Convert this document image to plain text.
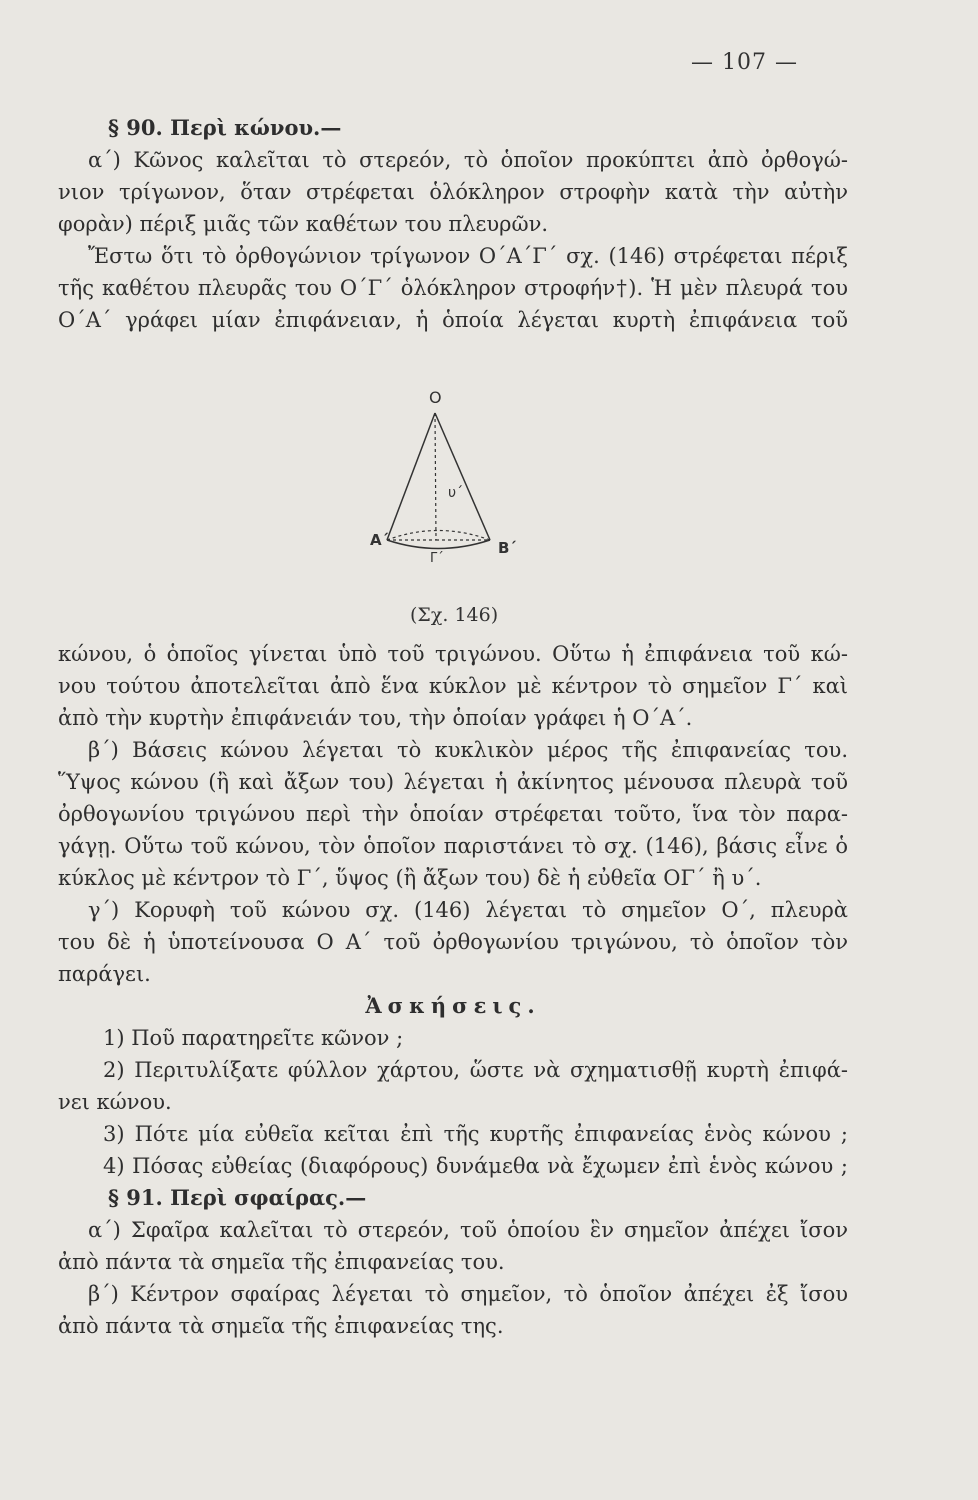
— 107 —
§ 90. Περὶ κώνου.—
α΄) Κῶνος καλεῖται τὸ στερεόν, τὸ ὁποῖον προκύπτει ἀπὸ ὀρθογώ-
νιον τρίγωνον, ὅταν στρέφεται ὁλόκληρον στροφὴν κατὰ τὴν αὐτὴν
φορὰν) πέριξ μιᾶς τῶν καθέτων του πλευρῶν.
Ἔστω ὅτι τὸ ὀρθογώνιον τρίγωνον Ο΄Α΄Γ΄ σχ. (146) στρέφεται πέριξ
τῆς καθέτου πλευρᾶς του Ο΄Γ΄ ὁλόκληρον στροφήν†). Ἡ μὲν πλευρά του
Ο΄Α΄ γράφει μίαν ἐπιφάνειαν, ἡ ὁποία λέγεται κυρτὴ ἐπιφάνεια τοῦ
O
Α΄	Β΄
Γ΄
υ΄
(Σχ. 146)
κώνου, ὁ ὁποῖος γίνεται ὑπὸ τοῦ τριγώνου. Οὕτω ἡ ἐπιφάνεια τοῦ κώ-
νου τούτου ἀποτελεῖται ἀπὸ ἕνα κύκλον μὲ κέντρον τὸ σημεῖον Γ΄ καὶ
ἀπὸ τὴν κυρτὴν ἐπιφάνειάν του, τὴν ὁποίαν γράφει ἡ Ο΄Α΄.
β΄) Βάσεις κώνου λέγεται τὸ κυκλικὸν μέρος τῆς ἐπιφανείας του.
Ὕψος κώνου (ἢ καὶ ἄξων του) λέγεται ἡ ἀκίνητος μένουσα πλευρὰ τοῦ
ὀρθογωνίου τριγώνου περὶ τὴν ὁποίαν στρέφεται τοῦτο, ἵνα τὸν παρα-
γάγῃ. Οὕτω τοῦ κώνου, τὸν ὁποῖον παριστάνει τὸ σχ. (146), βάσις εἶνε ὁ
κύκλος μὲ κέντρον τὸ Γ΄, ὕψος (ἢ ἄξων του) δὲ ἡ εὐθεῖα ΟΓ΄ ἢ υ΄.
γ΄) Κορυφὴ τοῦ κώνου σχ. (146) λέγεται τὸ σημεῖον Ο΄, πλευρὰ
του δὲ ἡ ὑποτείνουσα Ο Α΄ τοῦ ὀρθογωνίου τριγώνου, τὸ ὁποῖον τὸν
παράγει.
Ἀσκήσεις.
1) Ποῦ παρατηρεῖτε κῶνον ;
2) Περιτυλίξατε φύλλον χάρτου, ὥστε νὰ σχηματισθῇ κυρτὴ ἐπιφά-
νει κώνου.
3) Πότε μία εὐθεῖα κεῖται ἐπὶ τῆς κυρτῆς ἐπιφανείας ἑνὸς κώνου ;
4) Πόσας εὐθείας (διαφόρους) δυνάμεθα νὰ ἔχωμεν ἐπὶ ἑνὸς κώνου ;
§ 91. Περὶ σφαίρας.—
α΄) Σφαῖρα καλεῖται τὸ στερεόν, τοῦ ὁποίου ἓν σημεῖον ἀπέχει ἴσον
ἀπὸ πάντα τὰ σημεῖα τῆς ἐπιφανείας του.
β΄) Κέντρον σφαίρας λέγεται τὸ σημεῖον, τὸ ὁποῖον ἀπέχει ἐξ ἴσου
ἀπὸ πάντα τὰ σημεῖα τῆς ἐπιφανείας της.
